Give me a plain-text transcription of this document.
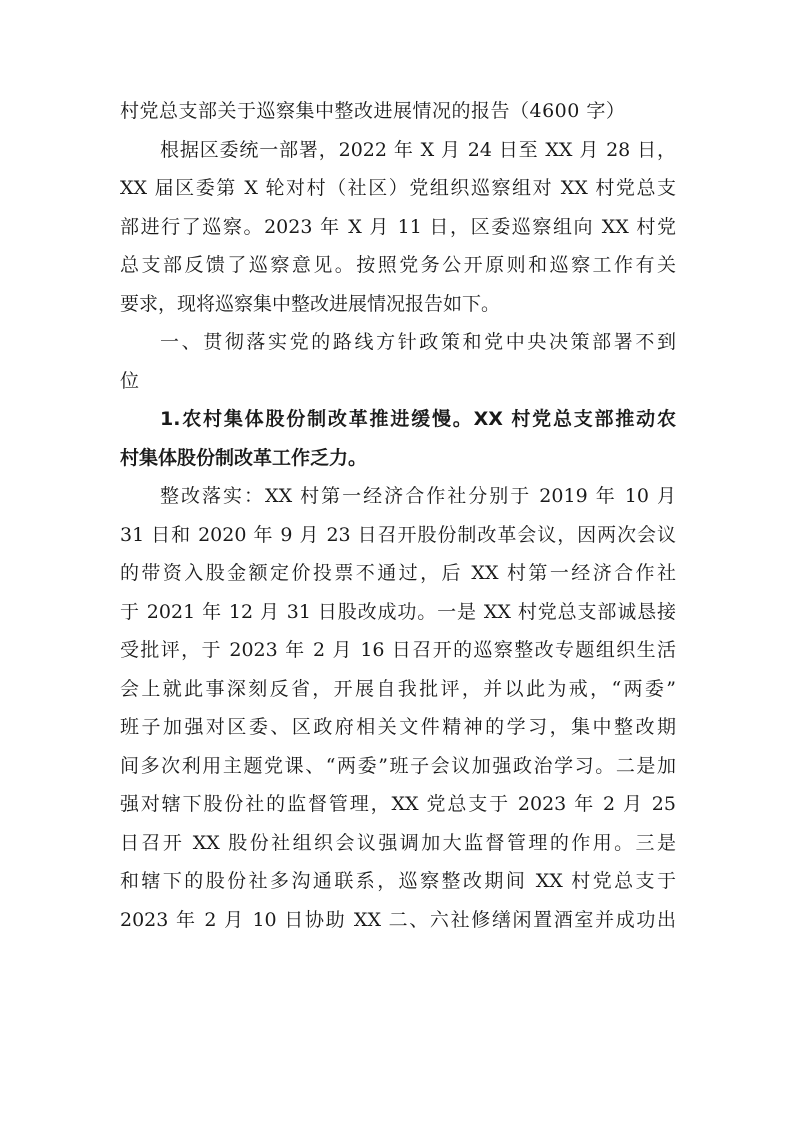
村党总支部关于巡察集中整改进展情况的报告（4600 字）
根据区委统一部署，2022 年 X 月 24 日至 XX 月 28 日，
XX 届区委第 X 轮对村（社区）党组织巡察组对 XX 村党总支
部进行了巡察。2023 年 X 月 11 日，区委巡察组向 XX 村党
总支部反馈了巡察意见。按照党务公开原则和巡察工作有关
要求，现将巡察集中整改进展情况报告如下。
一、贯彻落实党的路线方针政策和党中央决策部署不到
位
1.农村集体股份制改革推进缓慢。XX 村党总支部推动农
村集体股份制改革工作乏力。
整改落实：XX 村第一经济合作社分别于 2019 年 10 月
31 日和 2020 年 9 月 23 日召开股份制改革会议，因两次会议
的带资入股金额定价投票不通过，后 XX 村第一经济合作社
于 2021 年 12 月 31 日股改成功。一是 XX 村党总支部诚恳接
受批评，于 2023 年 2 月 16 日召开的巡察整改专题组织生活
会上就此事深刻反省，开展自我批评，并以此为戒，“两委”
班子加强对区委、区政府相关文件精神的学习，集中整改期
间多次利用主题党课、“两委”班子会议加强政治学习。二是加
强对辖下股份社的监督管理，XX 党总支于 2023 年 2 月 25
日召开 XX 股份社组织会议强调加大监督管理的作用。三是
和辖下的股份社多沟通联系，巡察整改期间 XX 村党总支于
2023 年 2 月 10 日协助 XX 二、六社修缮闲置酒室并成功出
